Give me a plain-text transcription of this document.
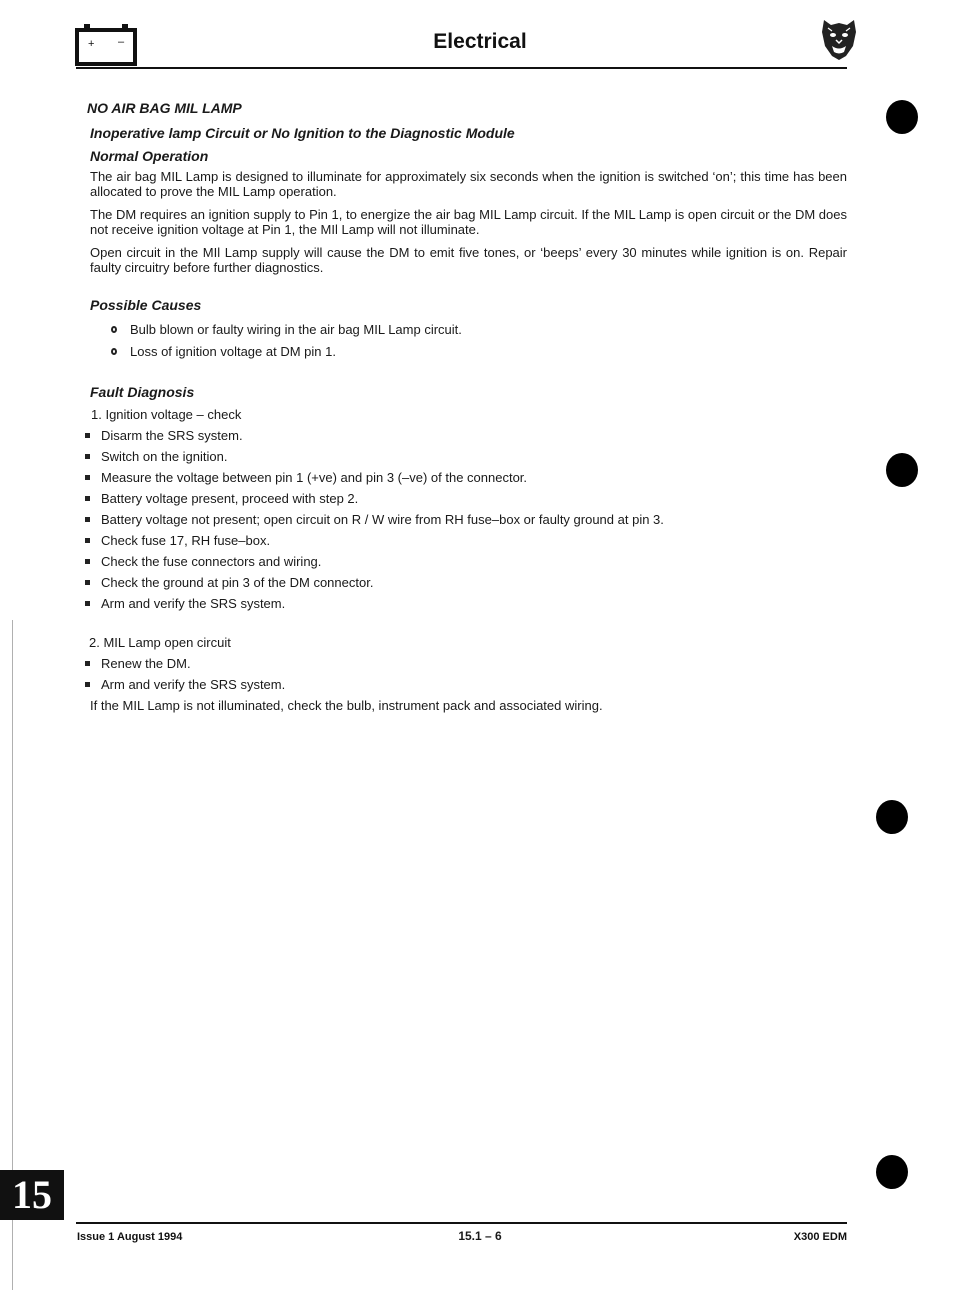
+ –	Electrical

NO AIR BAG MIL LAMP

Inoperative lamp Circuit or No Ignition to the Diagnostic Module

Normal Operation

The air bag MIL Lamp is designed to illuminate for approximately six seconds when the ignition is switched ‘on’; this time has been allocated to prove the MIL Lamp operation.

The DM requires an ignition supply to Pin 1, to energize the air bag MIL Lamp circuit. If the MIL Lamp is open circuit or the DM does not receive ignition voltage at Pin 1, the MIl Lamp will not illuminate.

Open circuit in the MIl Lamp supply will cause the DM to emit five tones, or ‘beeps’ every 30 minutes while ignition is on. Repair faulty circuitry before further diagnostics.

Possible Causes

Bulb blown or faulty wiring in the air bag MIL Lamp circuit.
Loss of ignition voltage at DM pin 1.

Fault Diagnosis

1. Ignition voltage – check

Disarm the SRS system.
Switch on the ignition.
Measure the voltage between pin 1 (+ve) and pin 3 (–ve) of the connector.
Battery voltage present, proceed with step 2.
Battery voltage not present; open circuit on R / W wire from RH fuse–box or faulty ground at pin 3.
Check fuse 17, RH fuse–box.
Check the fuse connectors and wiring.
Check the ground at pin 3 of the DM connector.
Arm and verify the SRS system.

2. MIL Lamp open circuit

Renew the DM.
Arm and verify the SRS system.

If the MIL Lamp is not illuminated, check the bulb, instrument pack and associated wiring.

15
Issue 1 August 1994	15.1 – 6	X300 EDM
